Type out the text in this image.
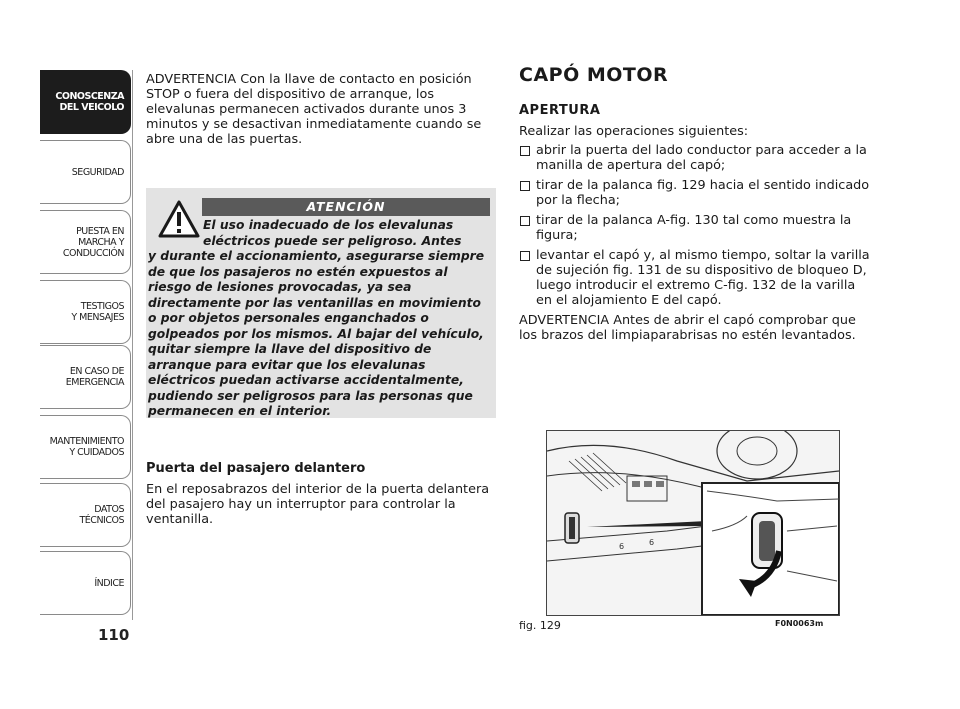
CONOSCENZA
DEL VEICOLO
SEGURIDAD
PUESTA EN
MARCHA Y
CONDUCCIÓN
TESTIGOS
Y MENSAJES
EN CASO DE
EMERGENCIA
MANTENIMIENTO
Y CUIDADOS
DATOS
TÉCNICOS
ÍNDICE
110
ADVERTENCIA Con la llave de contacto en posición STOP o fuera del dispositivo de arranque, los elevalunas permanecen activados durante unos 3 minutos y se desactivan inmediatamente cuando se abre una de las puertas.
ATENCIÓN
El uso inadecuado de los elevalunas eléctricos puede ser peligroso. Antes
y durante el accionamiento, asegurarse siempre de que los pasajeros no estén expuestos al riesgo de lesiones provocadas, ya sea directamente por las ventanillas en movimiento o por objetos personales enganchados o golpeados por los mismos. Al bajar del vehículo, quitar siempre la llave del dispositivo de arranque para evitar que los elevalunas eléctricos puedan activarse accidentalmente, pudiendo ser peligrosos para las personas que permanecen en el interior.
Puerta del pasajero delantero

En el reposabrazos del interior de la puerta delantera del pasajero hay un interruptor para controlar la ventanilla.

CAPÓ MOTOR
APERTURA

Realizar las operaciones siguientes:

abrir la puerta del lado conductor para acceder a la manilla de apertura del capó;
tirar de la palanca fig. 129 hacia el sentido indicado por la flecha;
tirar de la palanca A-fig. 130 tal como muestra la figura;
levantar el capó y, al mismo tiempo, soltar la varilla de sujeción fig. 131 de su dispositivo de bloqueo D, luego introducir el extremo C-fig. 132 de la varilla en el alojamiento E del capó.

ADVERTENCIA Antes de abrir el capó comprobar que los brazos del limpiaparabrisas no estén levantados.

6	6
fig. 129	F0N0063m
